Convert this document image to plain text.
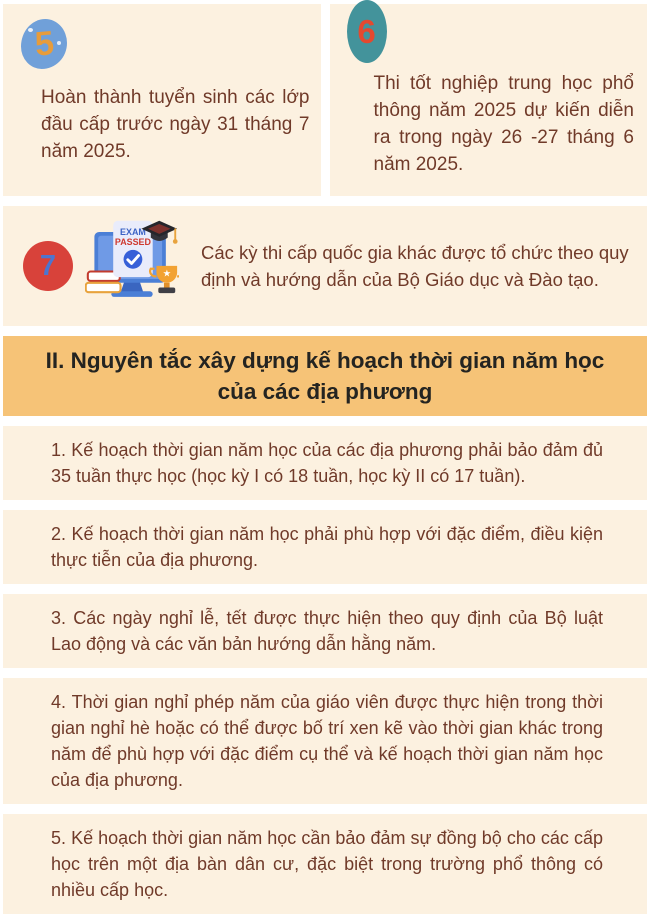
5
Hoàn thành tuyển sinh các lớp đầu cấp trước ngày 31 tháng 7 năm 2025.
6
Thi tốt nghiệp trung học phổ thông năm 2025 dự kiến diễn ra trong ngày 26 -27 tháng 6 năm 2025.
7
EXAM
PASSED
★
Các kỳ thi cấp quốc gia khác được tổ chức theo quy định và hướng dẫn của Bộ Giáo dục và Đào tạo.
II. Nguyên tắc xây dựng kế hoạch thời gian năm học
của các địa phương
1. Kế hoạch thời gian năm học của các địa phương phải bảo đảm đủ 35 tuần thực học (học kỳ I có 18 tuần, học kỳ II có 17 tuần).
2. Kế hoạch thời gian năm học phải phù hợp với đặc điểm, điều kiện thực tiễn của địa phương.
3. Các ngày nghỉ lễ, tết được thực hiện theo quy định của Bộ luật Lao động và các văn bản hướng dẫn hằng năm.
4. Thời gian nghỉ phép năm của giáo viên được thực hiện trong thời gian nghỉ hè hoặc có thể được bố trí xen kẽ vào thời gian khác trong năm để phù hợp với đặc điểm cụ thể và kế hoạch thời gian năm học của địa phương.
5. Kế hoạch thời gian năm học cần bảo đảm sự đồng bộ cho các cấp học trên một địa bàn dân cư, đặc biệt trong trường phổ thông có nhiều cấp học.
